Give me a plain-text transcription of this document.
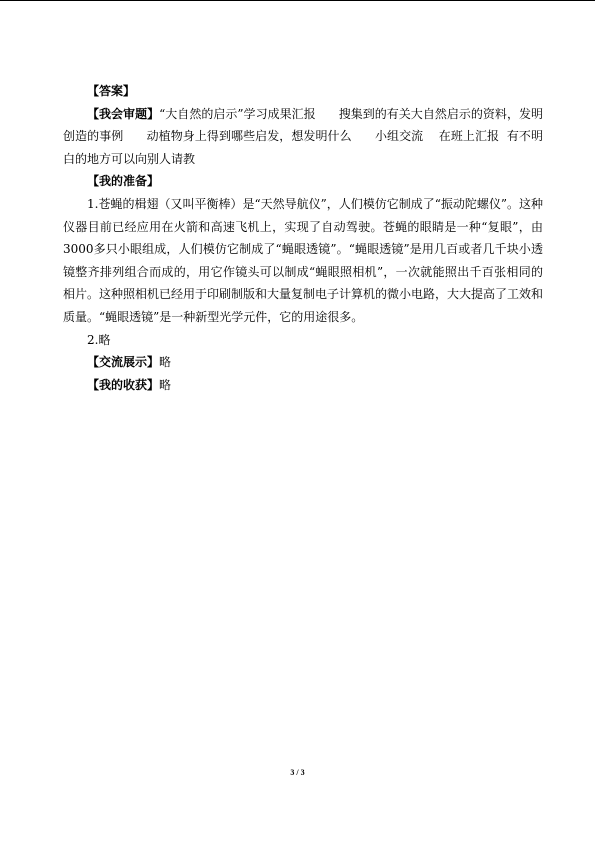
【答案】

【我会审题】“大自然的启示”学习成果汇报 搜集到的有关大自然启示的资料，发明创造的事例 动植物身上得到哪些启发，想发明什么 小组交流 在班上汇报 有不明白的地方可以向别人请教

【我的准备】

1.苍蝇的楫翅（又叫平衡棒）是“天然导航仪”，人们模仿它制成了“振动陀螺仪”。这种仪器目前已经应用在火箭和高速飞机上，实现了自动驾驶。苍蝇的眼睛是一种“复眼”，由3000多只小眼组成，人们模仿它制成了“蝇眼透镜”。“蝇眼透镜”是用几百或者几千块小透镜整齐排列组合而成的，用它作镜头可以制成“蝇眼照相机”，一次就能照出千百张相同的相片。这种照相机已经用于印刷制版和大量复制电子计算机的微小电路，大大提高了工效和质量。“蝇眼透镜”是一种新型光学元件，它的用途很多。

2.略

【交流展示】略

【我的收获】略

3 / 3
